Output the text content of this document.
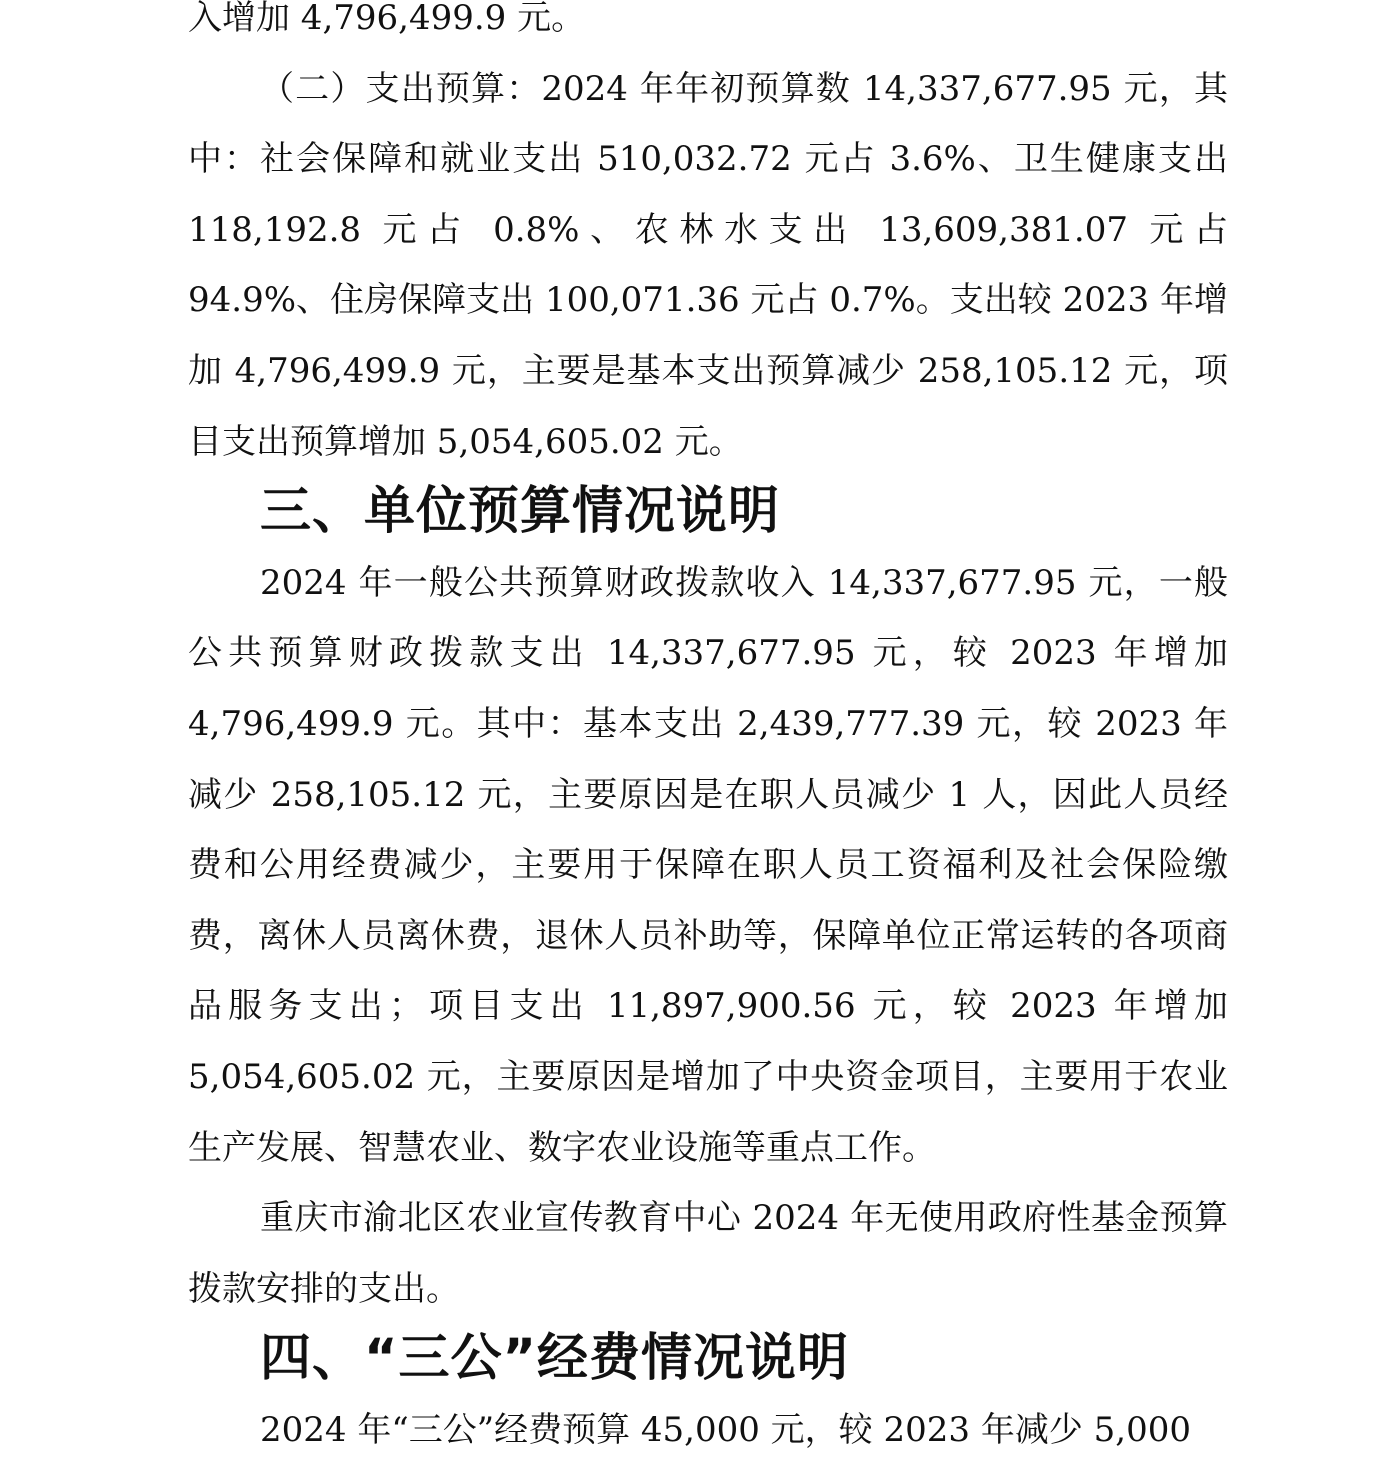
入增加 4,796,499.9 元。

（二）支出预算：2024 年年初预算数 14,337,677.95 元，其中：社会保障和就业支出 510,032.72 元占 3.6%、卫生健康支出 118,192.8 元占 0.8%、农林水支出 13,609,381.07 元占 94.9%、住房保障支出 100,071.36 元占 0.7%。支出较 2023 年增加 4,796,499.9 元，主要是基本支出预算减少 258,105.12 元，项目支出预算增加 5,054,605.02 元。

三、单位预算情况说明

2024 年一般公共预算财政拨款收入 14,337,677.95 元，一般公共预算财政拨款支出 14,337,677.95 元，较 2023 年增加 4,796,499.9 元。其中：基本支出 2,439,777.39 元，较 2023 年减少 258,105.12 元，主要原因是在职人员减少 1 人，因此人员经费和公用经费减少，主要用于保障在职人员工资福利及社会保险缴费，离休人员离休费，退休人员补助等，保障单位正常运转的各项商品服务支出；项目支出 11,897,900.56 元，较 2023 年增加 5,054,605.02 元，主要原因是增加了中央资金项目，主要用于农业生产发展、智慧农业、数字农业设施等重点工作。

重庆市渝北区农业宣传教育中心 2024 年无使用政府性基金预算拨款安排的支出。

四、“三公”经费情况说明

2024 年“三公”经费预算 45,000 元，较 2023 年减少 5,000
